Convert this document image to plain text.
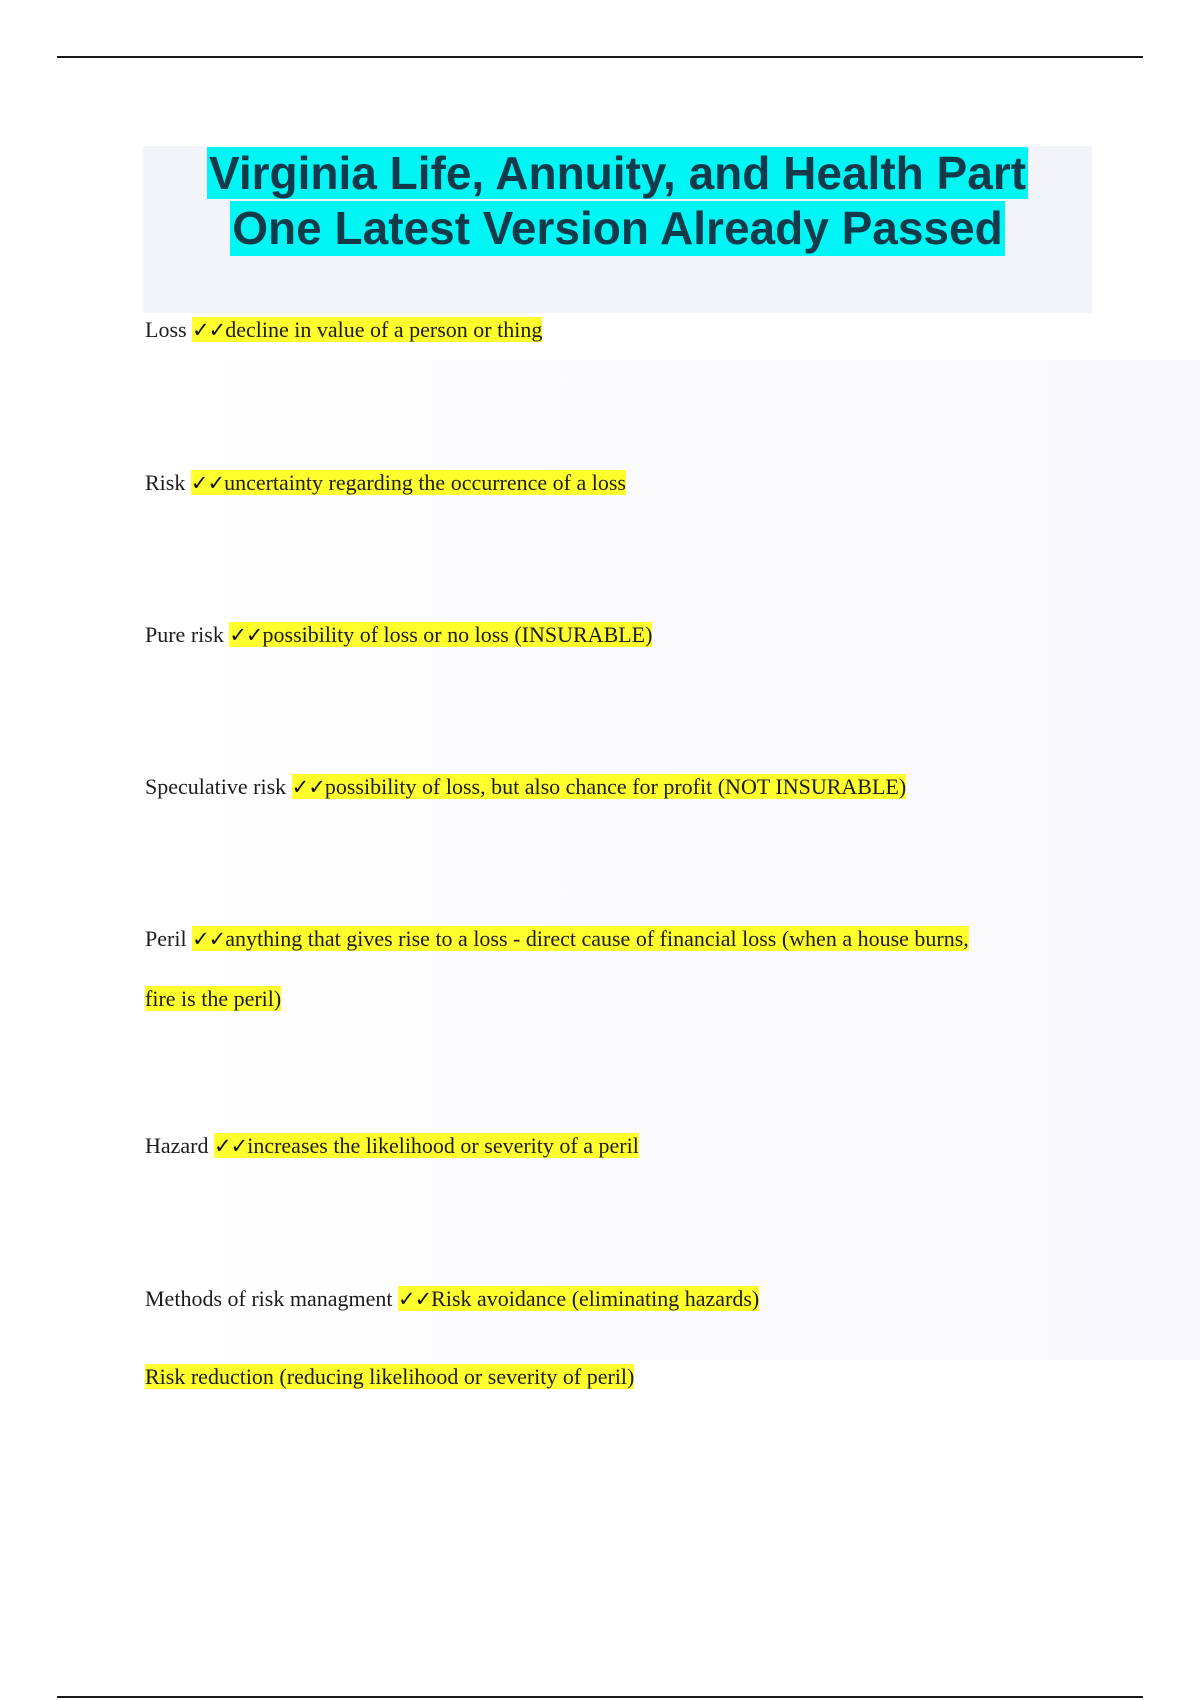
Virginia Life, Annuity, and Health Part
One Latest Version Already Passed
Loss ✓✓decline in value of a person or thing
Risk ✓✓uncertainty regarding the occurrence of a loss
Pure risk ✓✓possibility of loss or no loss (INSURABLE)
Speculative risk ✓✓possibility of loss, but also chance for profit (NOT INSURABLE)
Peril ✓✓anything that gives rise to a loss - direct cause of financial loss (when a house burns,
fire is the peril)
Hazard ✓✓increases the likelihood or severity of a peril
Methods of risk managment ✓✓Risk avoidance (eliminating hazards)
Risk reduction (reducing likelihood or severity of peril)
